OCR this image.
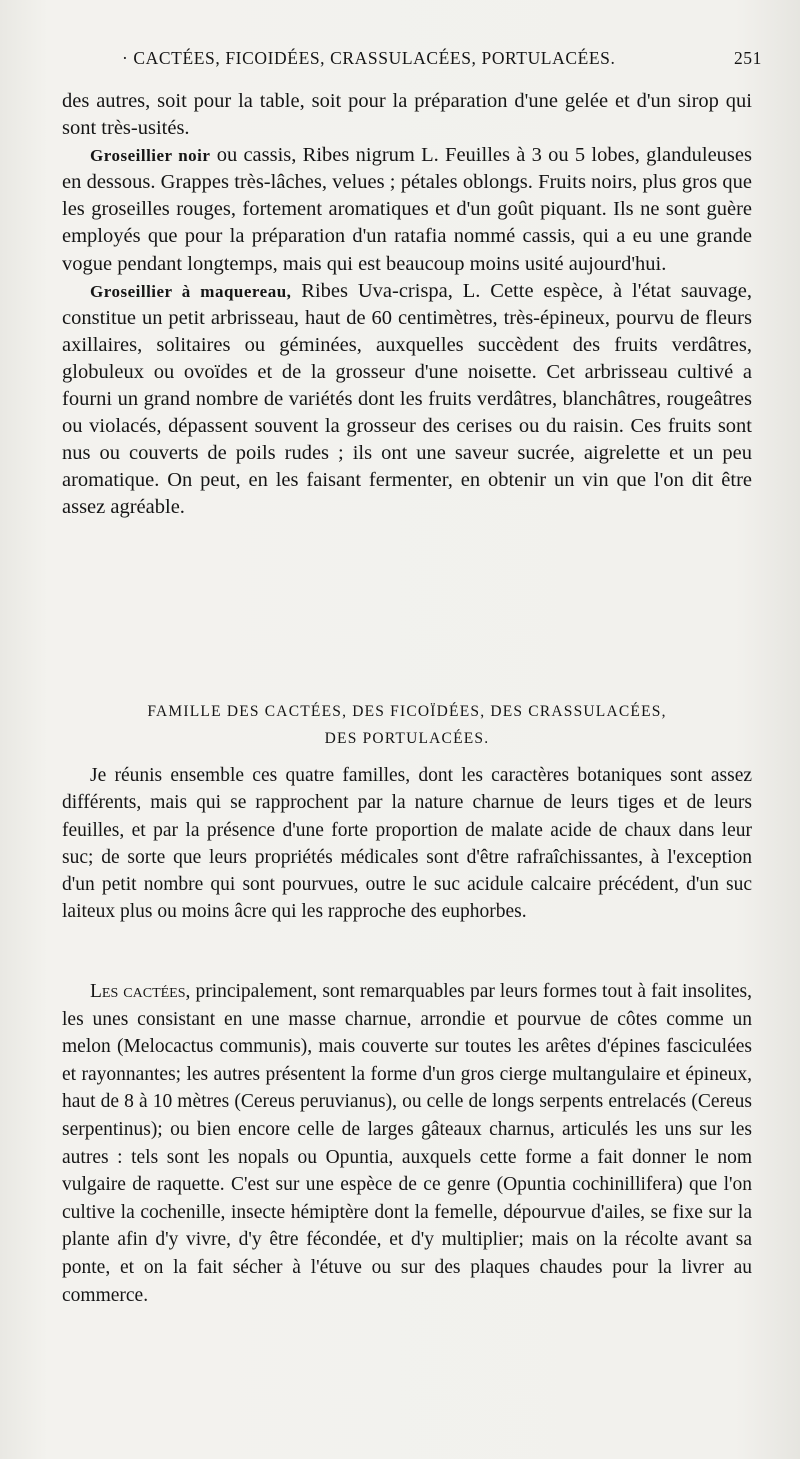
· CACTÉES, FICOIDÉES, CRASSULACÉES, PORTULACÉES.	251

des autres, soit pour la table, soit pour la préparation d'une gelée et d'un sirop qui sont très-usités.

Groseillier noir ou cassis, Ribes nigrum L. Feuilles à 3 ou 5 lobes, glanduleuses en dessous. Grappes très-lâches, velues ; pétales oblongs. Fruits noirs, plus gros que les groseilles rouges, fortement aromatiques et d'un goût piquant. Ils ne sont guère employés que pour la préparation d'un ratafia nommé cassis, qui a eu une grande vogue pendant longtemps, mais qui est beaucoup moins usité aujourd'hui.

Groseillier à maquereau, Ribes Uva-crispa, L. Cette espèce, à l'état sauvage, constitue un petit arbrisseau, haut de 60 centimètres, très-épineux, pourvu de fleurs axillaires, solitaires ou géminées, auxquelles succèdent des fruits verdâtres, globuleux ou ovoïdes et de la grosseur d'une noisette. Cet arbrisseau cultivé a fourni un grand nombre de variétés dont les fruits verdâtres, blanchâtres, rougeâtres ou violacés, dépassent souvent la grosseur des cerises ou du raisin. Ces fruits sont nus ou couverts de poils rudes ; ils ont une saveur sucrée, aigrelette et un peu aromatique. On peut, en les faisant fermenter, en obtenir un vin que l'on dit être assez agréable.

FAMILLE DES CACTÉES, DES FICOÏDÉES, DES CRASSULACÉES,
DES PORTULACÉES.

Je réunis ensemble ces quatre familles, dont les caractères botaniques sont assez différents, mais qui se rapprochent par la nature charnue de leurs tiges et de leurs feuilles, et par la présence d'une forte proportion de malate acide de chaux dans leur suc; de sorte que leurs propriétés médicales sont d'être rafraîchissantes, à l'exception d'un petit nombre qui sont pourvues, outre le suc acidule calcaire précédent, d'un suc laiteux plus ou moins âcre qui les rapproche des euphorbes.

Les cactées, principalement, sont remarquables par leurs formes tout à fait insolites, les unes consistant en une masse charnue, arrondie et pourvue de côtes comme un melon (Melocactus communis), mais couverte sur toutes les arêtes d'épines fasciculées et rayonnantes; les autres présentent la forme d'un gros cierge multangulaire et épineux, haut de 8 à 10 mètres (Cereus peruvianus), ou celle de longs serpents entrelacés (Cereus serpentinus); ou bien encore celle de larges gâteaux charnus, articulés les uns sur les autres : tels sont les nopals ou Opuntia, auxquels cette forme a fait donner le nom vulgaire de raquette. C'est sur une espèce de ce genre (Opuntia cochinillifera) que l'on cultive la cochenille, insecte hémiptère dont la femelle, dépourvue d'ailes, se fixe sur la plante afin d'y vivre, d'y être fécondée, et d'y multiplier; mais on la récolte avant sa ponte, et on la fait sécher à l'étuve ou sur des plaques chaudes pour la livrer au commerce.
